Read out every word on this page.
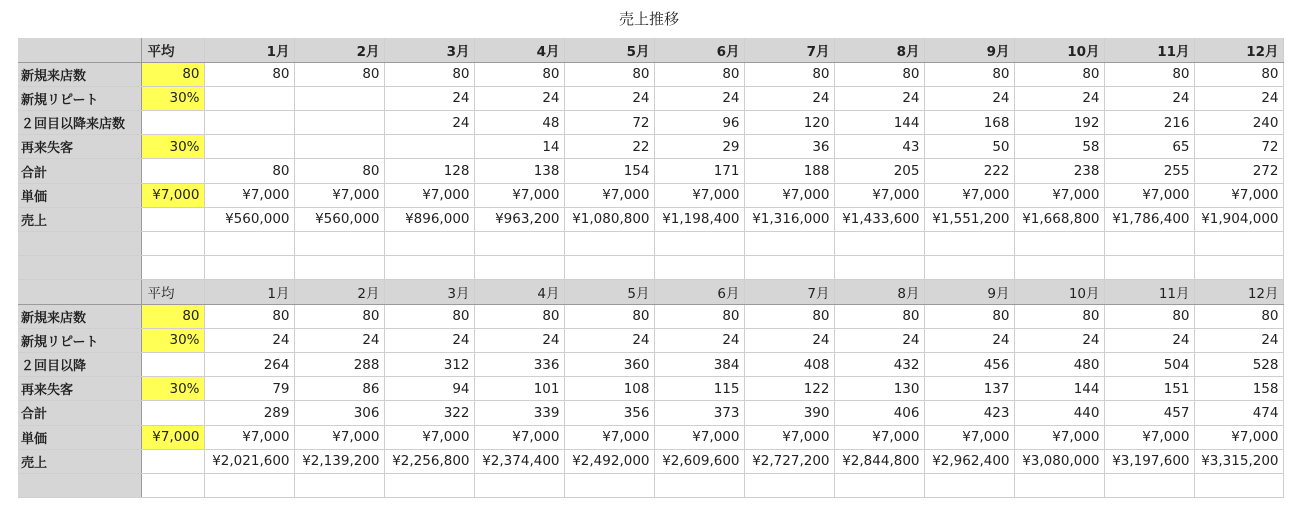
売上推移
	平均	1月	2月	3月	4月	5月	6月	7月	8月	9月	10月	11月	12月
新規来店数	80	80	80	80	80	80	80	80	80	80	80	80	80
新規リピート	30%			24	24	24	24	24	24	24	24	24	24
２回目以降来店数				24	48	72	96	120	144	168	192	216	240
再来失客	30%				14	22	29	36	43	50	58	65	72
合計		80	80	128	138	154	171	188	205	222	238	255	272
単価	¥7,000	¥7,000	¥7,000	¥7,000	¥7,000	¥7,000	¥7,000	¥7,000	¥7,000	¥7,000	¥7,000	¥7,000	¥7,000
売上		¥560,000	¥560,000	¥896,000	¥963,200	¥1,080,800	¥1,198,400	¥1,316,000	¥1,433,600	¥1,551,200	¥1,668,800	¥1,786,400	¥1,904,000

	平均	1月	2月	3月	4月	5月	6月	7月	8月	9月	10月	11月	12月
新規来店数	80	80	80	80	80	80	80	80	80	80	80	80	80
新規リピート	30%	24	24	24	24	24	24	24	24	24	24	24	24
２回目以降		264	288	312	336	360	384	408	432	456	480	504	528
再来失客	30%	79	86	94	101	108	115	122	130	137	144	151	158
合計		289	306	322	339	356	373	390	406	423	440	457	474
単価	¥7,000	¥7,000	¥7,000	¥7,000	¥7,000	¥7,000	¥7,000	¥7,000	¥7,000	¥7,000	¥7,000	¥7,000	¥7,000
売上		¥2,021,600	¥2,139,200	¥2,256,800	¥2,374,400	¥2,492,000	¥2,609,600	¥2,727,200	¥2,844,800	¥2,962,400	¥3,080,000	¥3,197,600	¥3,315,200
